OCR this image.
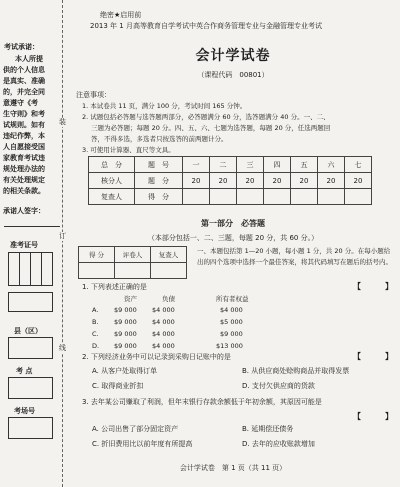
考试承诺：
本人所提
供的个人信息
是真实、准确
的，并完全同
意遵守《考
生守则》和考
试规则。如有
违纪作弊，本
人自愿接受国
家教育考试违
规处理办法的
有关处理规定
的相关条款。
承诺人签字：
准考证号
县（区）
考 点
考场号
装
订
线
绝密★启用前
2013 年 1 月高等教育自学考试中英合作商务管理专业与金融管理专业考试
会计学试卷
（课程代码　00801）
注意事项：

1. 本试卷共 11 页，满分 100 分，考试时间 165 分钟。

2. 试题包括必答题与选答题两部分，必答题满分 60 分，选答题满分 40 分。一、二、

三题为必答题；每题 20 分。四、五、六、七题为选答题，每题 20 分，任选两题回

答，不得多选，多选者只按选答的前两题计分。

3. 可使用计算器、直尺等文具。

总　分	题　号	一	二	三	四	五	六	七
核分人	题　分	20	20	20	20	20	20	20
复查人	得　分							
第一部分　必答题
（本部分包括一、二、三题，每题 20 分，共 60 分。）
得 分	评卷人	复查人
			一、本题包括第 1—20 小题，每小题 1 分，共 20 分。在每小题给出的四个选项中选择一个最佳答案，将其代码填写在题后的括号内。
1. 下列表述正确的是	【　　　】
资产	负债	所有者权益
A.	$9 000	$4 000	$4 000
B.	$9 000	$4 000	$5 000
C.	$9 000	$4 000	$9 000
D.	$9 000	$4 000	$13 000
2. 下列经济业务中可以记录到采购日记账中的是	【　　　】
A. 从客户处取得订单	B. 从供应商处赊购商品并取得发票
C. 取得商业折扣	D. 支付欠供应商的货款
3. 去年某公司赚取了利润，但年末银行存款余额低于年初余额，其原因可能是
【　　　】
A. 公司出售了部分固定资产	B. 延期偿还债务
C. 折旧费用比以前年度有所提高	D. 去年的应收账款增加
会计学试卷　第 1 页（共 11 页）
